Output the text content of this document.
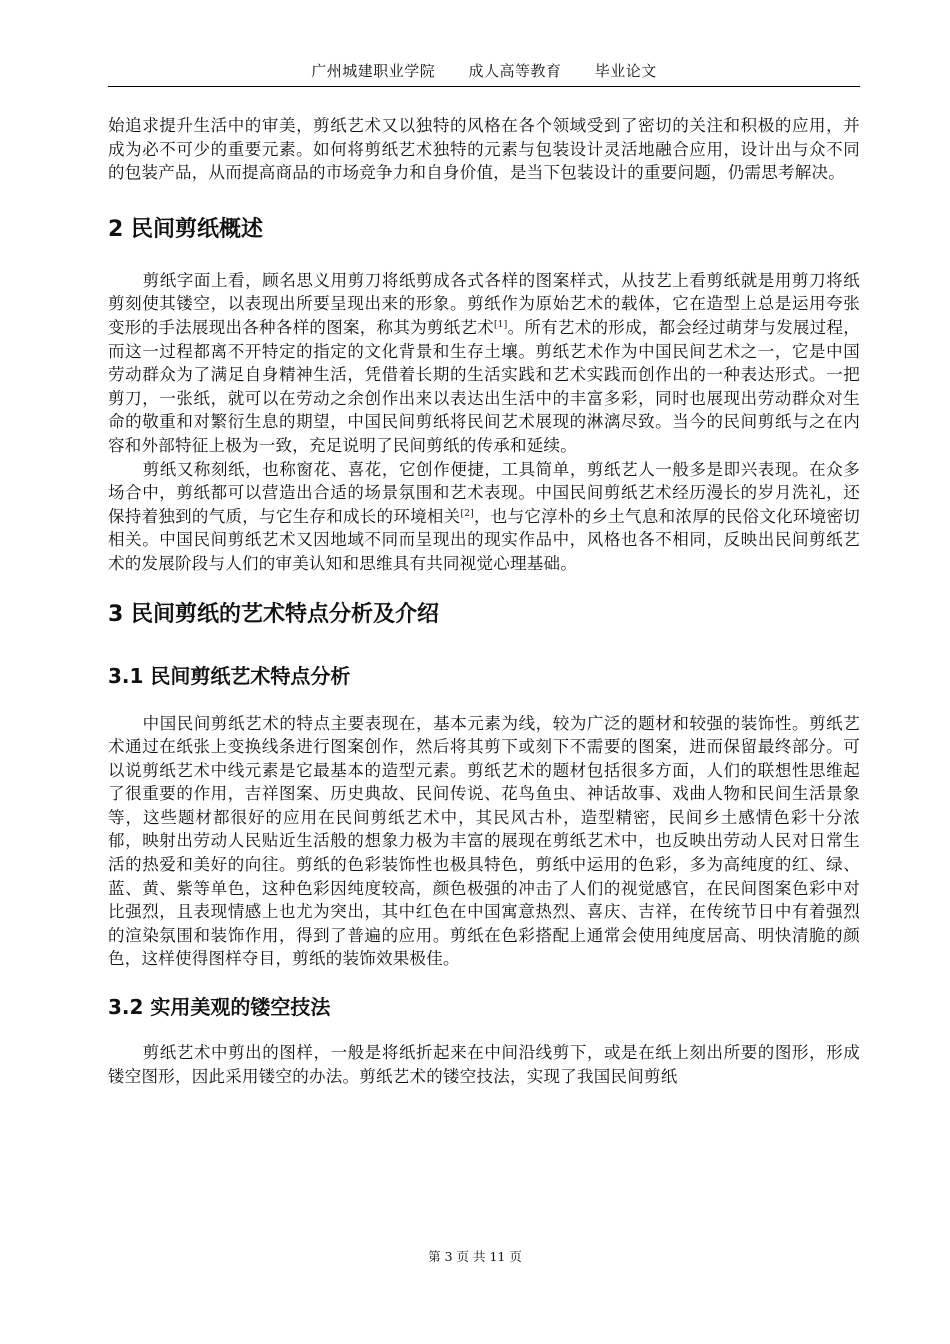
广州城建职业学院 成人高等教育 毕业论文

始追求提升生活中的审美，剪纸艺术又以独特的风格在各个领域受到了密切的关注和积极的应用，并成为必不可少的重要元素。如何将剪纸艺术独特的元素与包装设计灵活地融合应用，设计出与众不同的包装产品，从而提高商品的市场竞争力和自身价值，是当下包装设计的重要问题，仍需思考解决。

2 民间剪纸概述

剪纸字面上看，顾名思义用剪刀将纸剪成各式各样的图案样式，从技艺上看剪纸就是用剪刀将纸剪刻使其镂空，以表现出所要呈现出来的形象。剪纸作为原始艺术的载体，它在造型上总是运用夸张变形的手法展现出各种各样的图案，称其为剪纸艺术[1]。所有艺术的形成，都会经过萌芽与发展过程，而这一过程都离不开特定的指定的文化背景和生存土壤。剪纸艺术作为中国民间艺术之一，它是中国劳动群众为了满足自身精神生活，凭借着长期的生活实践和艺术实践而创作出的一种表达形式。一把剪刀，一张纸，就可以在劳动之余创作出来以表达出生活中的丰富多彩，同时也展现出劳动群众对生命的敬重和对繁衍生息的期望，中国民间剪纸将民间艺术展现的淋漓尽致。当今的民间剪纸与之在内容和外部特征上极为一致，充足说明了民间剪纸的传承和延续。

剪纸又称刻纸，也称窗花、喜花，它创作便捷，工具简单，剪纸艺人一般多是即兴表现。在众多场合中，剪纸都可以营造出合适的场景氛围和艺术表现。中国民间剪纸艺术经历漫长的岁月洗礼，还保持着独到的气质，与它生存和成长的环境相关[2]，也与它淳朴的乡土气息和浓厚的民俗文化环境密切相关。中国民间剪纸艺术又因地域不同而呈现出的现实作品中，风格也各不相同，反映出民间剪纸艺术的发展阶段与人们的审美认知和思维具有共同视觉心理基础。

3 民间剪纸的艺术特点分析及介绍
3.1 民间剪纸艺术特点分析

中国民间剪纸艺术的特点主要表现在，基本元素为线，较为广泛的题材和较强的装饰性。剪纸艺术通过在纸张上变换线条进行图案创作，然后将其剪下或刻下不需要的图案，进而保留最终部分。可以说剪纸艺术中线元素是它最基本的造型元素。剪纸艺术的题材包括很多方面，人们的联想性思维起了很重要的作用，吉祥图案、历史典故、民间传说、花鸟鱼虫、神话故事、戏曲人物和民间生活景象等，这些题材都很好的应用在民间剪纸艺术中，其民风古朴，造型精密，民间乡土感情色彩十分浓郁，映射出劳动人民贴近生活般的想象力极为丰富的展现在剪纸艺术中，也反映出劳动人民对日常生活的热爱和美好的向往。剪纸的色彩装饰性也极具特色，剪纸中运用的色彩，多为高纯度的红、绿、蓝、黄、紫等单色，这种色彩因纯度较高，颜色极强的冲击了人们的视觉感官，在民间图案色彩中对比强烈，且表现情感上也尤为突出，其中红色在中国寓意热烈、喜庆、吉祥，在传统节日中有着强烈的渲染氛围和装饰作用，得到了普遍的应用。剪纸在色彩搭配上通常会使用纯度居高、明快清脆的颜色，这样使得图样夺目，剪纸的装饰效果极佳。

3.2 实用美观的镂空技法

剪纸艺术中剪出的图样，一般是将纸折起来在中间沿线剪下，或是在纸上刻出所要的图形，形成镂空图形，因此采用镂空的办法。剪纸艺术的镂空技法，实现了我国民间剪纸

第 3 页 共 11 页
